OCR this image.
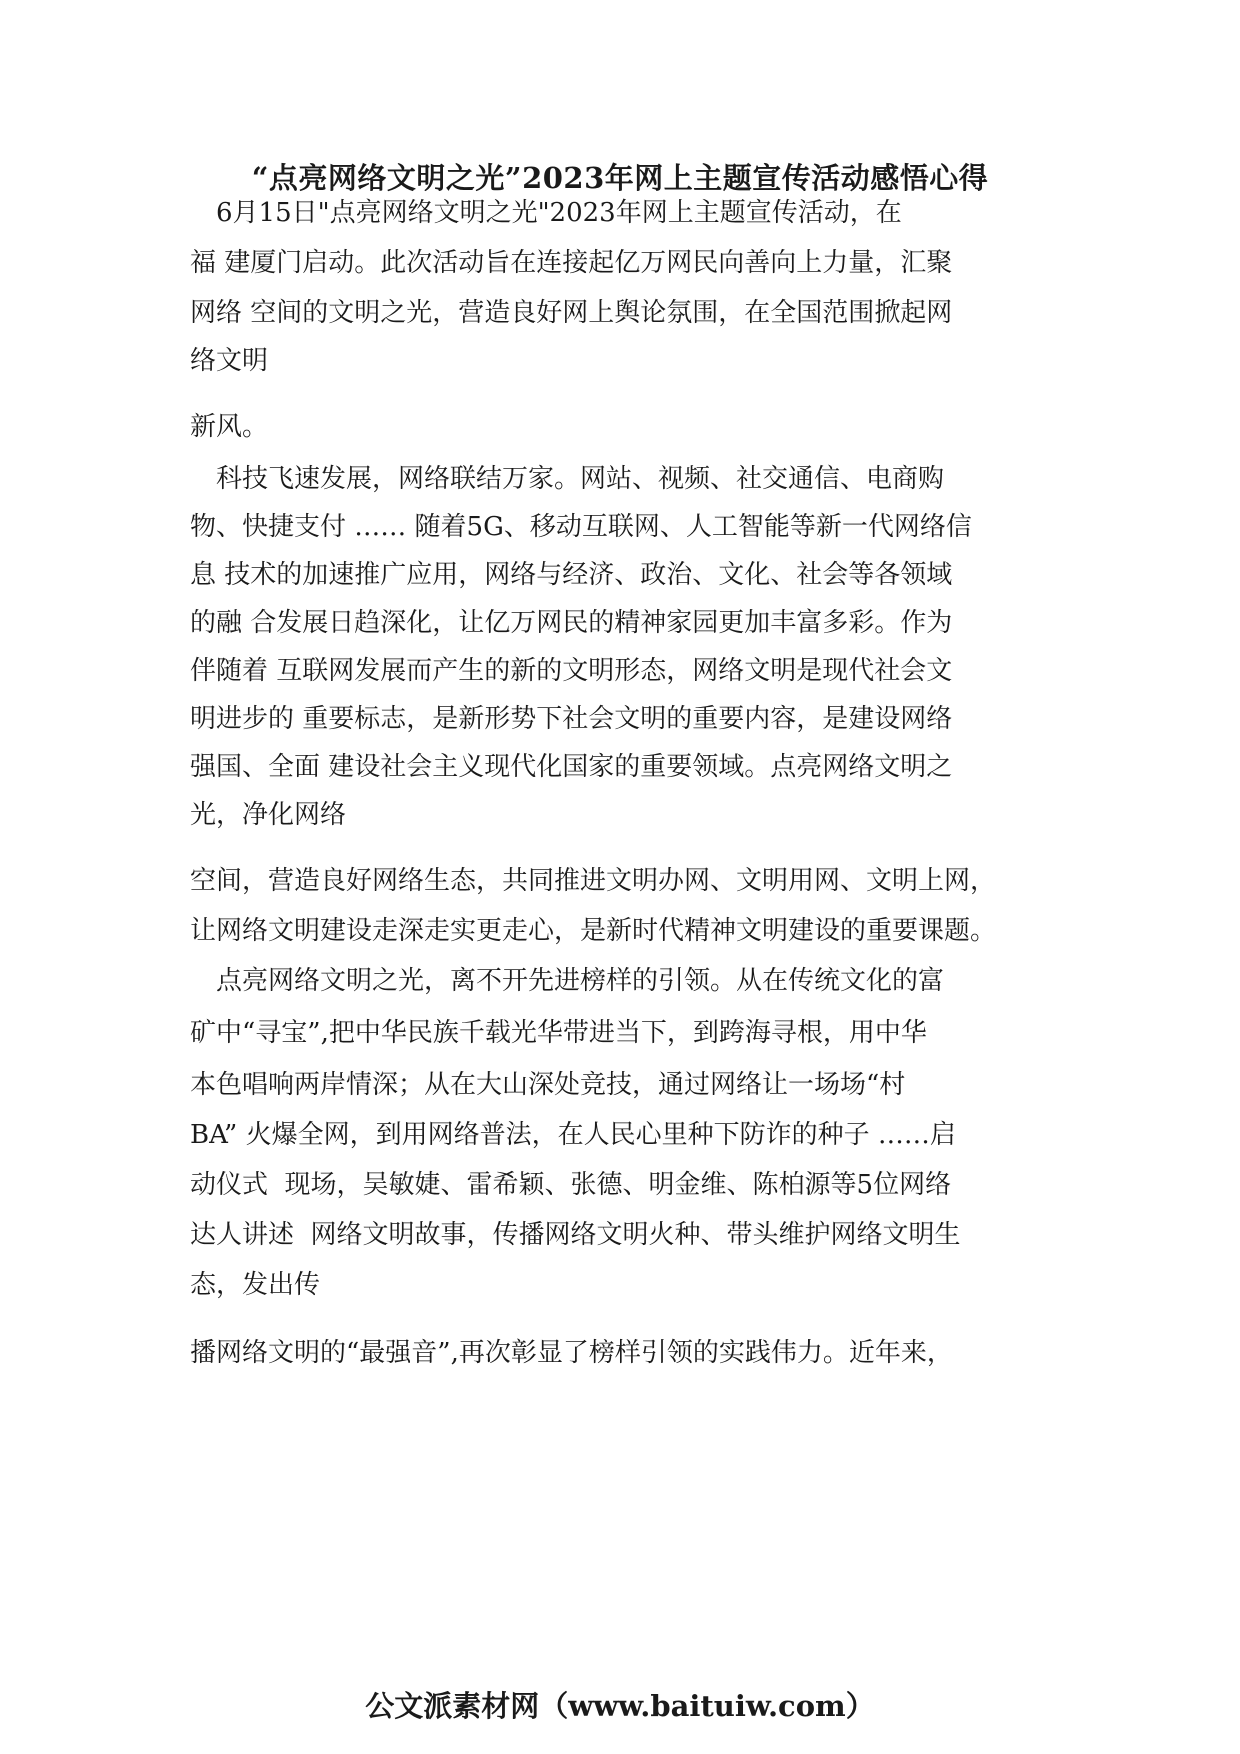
“点亮网络文明之光”2023年网上主题宣传活动感悟心得
　6月15日"点亮网络文明之光"2023年网上主题宣传活动，在
福 建厦门启动。此次活动旨在连接起亿万网民向善向上力量，汇聚
网络 空间的文明之光，营造良好网上舆论氛围，在全国范围掀起网
络文明
新风。
　科技飞速发展，网络联结万家。网站、视频、社交通信、电商购
物、快捷支付 …… 随着5G、移动互联网、人工智能等新一代网络信
息 技术的加速推广应用，网络与经济、政治、文化、社会等各领域
的融 合发展日趋深化，让亿万网民的精神家园更加丰富多彩。作为
伴随着 互联网发展而产生的新的文明形态，网络文明是现代社会文
明进步的 重要标志，是新形势下社会文明的重要内容，是建设网络
强国、全面 建设社会主义现代化国家的重要领域。点亮网络文明之
光，净化网络
空间，营造良好网络生态，共同推进文明办网、文明用网、文明上网，
让网络文明建设走深走实更走心，是新时代精神文明建设的重要课题。
　点亮网络文明之光，离不开先进榜样的引领。从在传统文化的富
矿中“寻宝”,把中华民族千载光华带进当下，到跨海寻根，用中华
本色唱响两岸情深；从在大山深处竞技，通过网络让一场场“村
BA” 火爆全网，到用网络普法，在人民心里种下防诈的种子 ……启
动仪式  现场，吴敏婕、雷希颖、张德、明金维、陈柏源等5位网络
达人讲述  网络文明故事，传播网络文明火种、带头维护网络文明生
态，发出传
播网络文明的“最强音”,再次彰显了榜样引领的实践伟力。近年来，
公文派素材网（www.baituiw.com）
